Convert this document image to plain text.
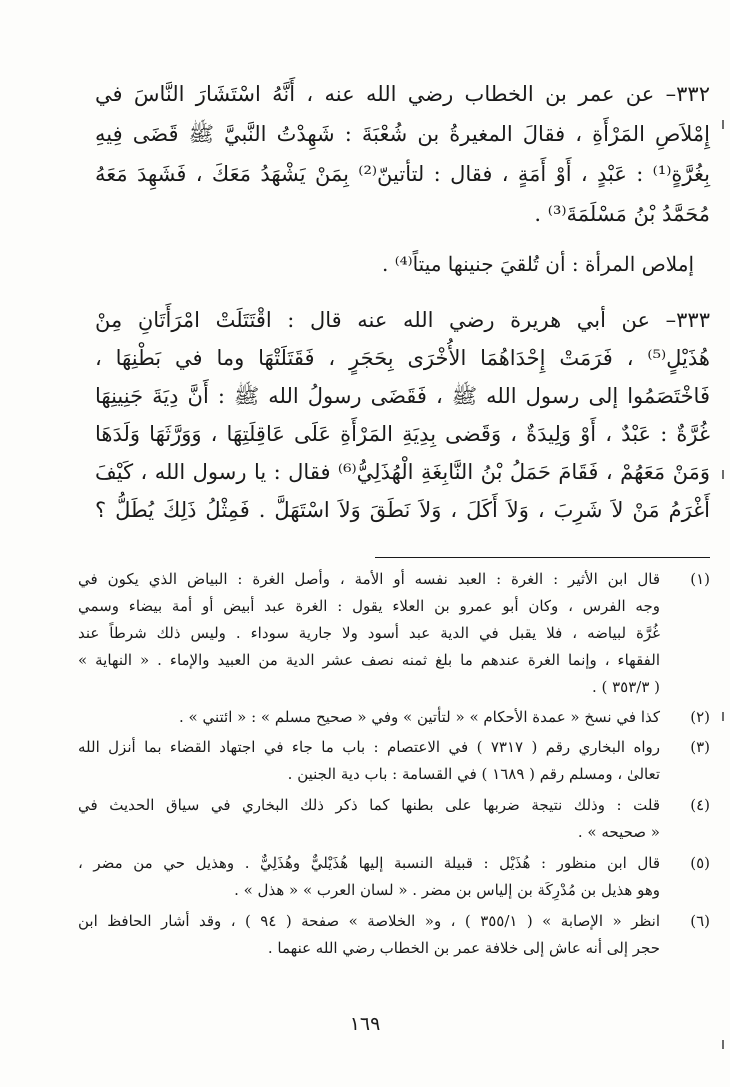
٣٣٢– عن عمر بن الخطاب رضي الله عنه ، أَنَّهُ اسْتَشَارَ النَّاسَ في
إِمْلاَصِ المَرْأَةِ ، فقالَ المغيرةُ بن شُعْبَةَ : شَهِدْتُ النَّبيَّ ﷺ قَضَى فِيهِ
بِغُرَّةٍ⁽¹⁾ : عَبْدٍ ، أَوْ أَمَةٍ ، فقال : لتأتينّ⁽²⁾ بِمَنْ يَشْهَدُ مَعَكَ ، فَشَهِدَ مَعَهُ
مُحَمَّدُ بْنُ مَسْلَمَةَ⁽³⁾ .
إملاص المرأة : أن تُلقيَ جنينها ميتاً⁽⁴⁾ .
٣٣٣– عن أبي هريرة رضي الله عنه قال : اقْتَتَلَتْ امْرَأَتَانِ مِنْ
هُذَيْلٍ⁽⁵⁾ ، فَرَمَتْ إِحْدَاهُمَا الأُخْرَى بِحَجَرٍ ، فَقَتَلَتْهَا وما في بَطْنِهَا ،
فَاخْتَصَمُوا إلى رسول الله ﷺ ، فَقَضَى رسولُ الله ﷺ : أَنَّ دِيَةَ جَنِينِهَا
غُرَّةٌ : عَبْدٌ ، أَوْ وَلِيدَةٌ ، وَقَضى بِدِيَةِ المَرْأَةِ عَلَى عَاقِلَتِهَا ، وَوَرَّثَهَا وَلَدَهَا
وَمَنْ مَعَهُمْ ، فَقَامَ حَمَلُ بْنُ النَّابِغَةِ الْهُذَلِيُّ⁽⁶⁾ فقال : يا رسول الله ، كَيْفَ
أَغْرَمُ مَنْ لاَ شَرِبَ ، وَلاَ أَكَلَ ، وَلاَ نَطَقَ وَلاَ اسْتَهَلَّ . فَمِثْلُ ذَلِكَ يُطَلُّ ؟
(١)
قال ابن الأثير : الغرة : العبد نفسه أو الأمة ، وأصل الغرة : البياض الذي يكون في
وجه الفرس ، وكان أبو عمرو بن العلاء يقول : الغرة عبد أبيض أو أمة بيضاء وسمي
غُرَّة لبياضه ، فلا يقبل في الدية عبد أسود ولا جارية سوداء . وليس ذلك شرطاً عند
الفقهاء ، وإنما الغرة عندهم ما بلغ ثمنه نصف عشر الدية من العبيد والإماء . « النهاية »
( ٣٥٣/٣ ) .
(٢)
كذا في نسخ « عمدة الأحكام » « لتأتين » وفي « صحيح مسلم » : « ائتني » .
(٣)
رواه البخاري رقم ( ٧٣١٧ ) في الاعتصام : باب ما جاء في اجتهاد القضاء بما أنزل الله
تعالىٰ ، ومسلم رقم ( ١٦٨٩ ) في القسامة : باب دية الجنين .
(٤)
قلت : وذلك نتيجة ضربها على بطنها كما ذكر ذلك البخاري في سياق الحديث في
« صحيحه » .
(٥)
قال ابن منظور : هُذَيْل : قبيلة النسبة إليها هُذَيْليٌّ وهُذَلِيٌّ . وهذيل حي من مضر ،
وهو هذيل بن مُدْرِكَة بن إلياس بن مضر . « لسان العرب » « هذل » .
(٦)
انظر « الإصابة » ( ٣٥٥/١ ) ، و« الخلاصة » صفحة ( ٩٤ ) ، وقد أشار الحافظ ابن
حجر إلى أنه عاش إلى خلافة عمر بن الخطاب رضي الله عنهما .
١٦٩
